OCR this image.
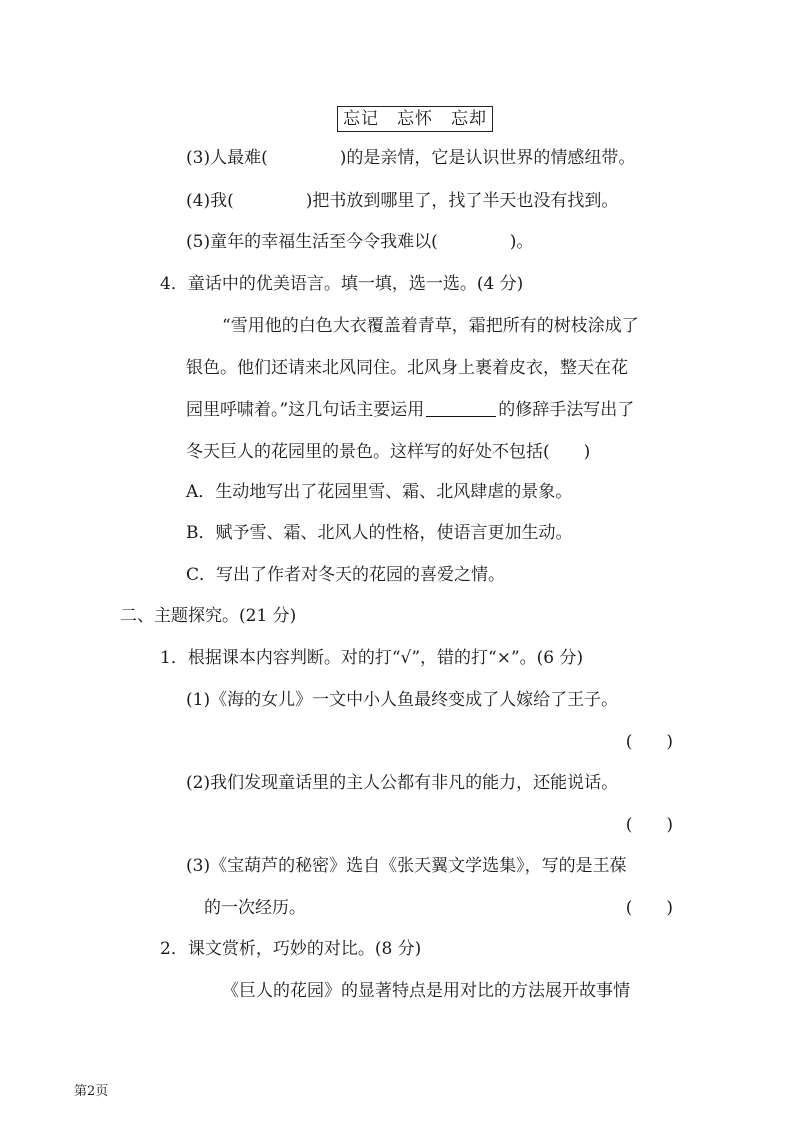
忘记　忘怀　忘却
(3)人最难(	)的是亲情，它是认识世界的情感纽带。
(4)我(	)把书放到哪里了，找了半天也没有找到。
(5)童年的幸福生活至今令我难以(	)。
4．童话中的优美语言。填一填，选一选。(4 分)
“雪用他的白色大衣覆盖着青草，霜把所有的树枝涂成了
银色。他们还请来北风同住。北风身上裹着皮衣，整天在花
园里呼啸着。”这几句话主要运用	的修辞手法写出了
冬天巨人的花园里的景色。这样写的好处不包括(　　)
A．生动地写出了花园里雪、霜、北风肆虐的景象。
B．赋予雪、霜、北风人的性格，使语言更加生动。
C．写出了作者对冬天的花园的喜爱之情。
二、主题探究。(21 分)
1．根据课本内容判断。对的打“√”，错的打“×”。(6 分)
(1)《海的女儿》一文中小人鱼最终变成了人嫁给了王子。
(　　)
(2)我们发现童话里的主人公都有非凡的能力，还能说话。
(　　)
(3)《宝葫芦的秘密》选自《张天翼文学选集》，写的是王葆
的一次经历。	(　　)
2．课文赏析，巧妙的对比。(8 分)
《巨人的花园》的显著特点是用对比的方法展开故事情
第2页
